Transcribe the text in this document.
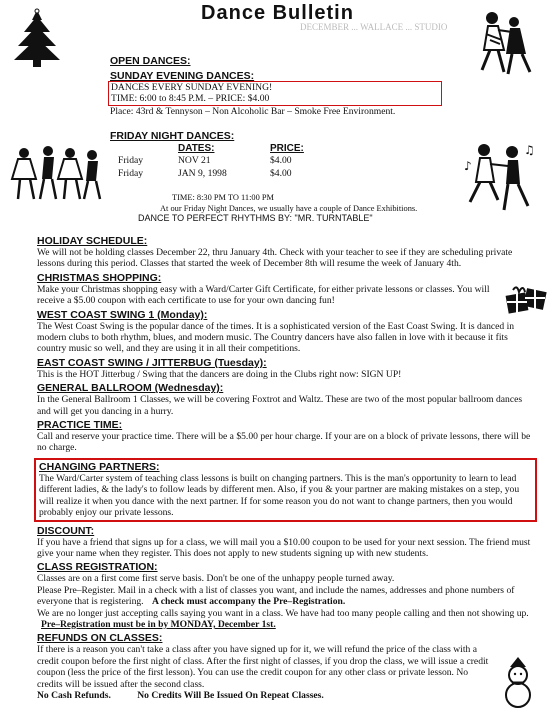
Dance Bulletin
DECEMBER ... WALLACE ... STUDIO
OPEN DANCES:
SUNDAY EVENING DANCES:
DANCES EVERY SUNDAY EVENING!
TIME: 6:00 to 8:45 P.M. – PRICE: $4.00
Place: 43rd & Tennyson – Non Alcoholic Bar – Smoke Free Environment.
FRIDAY NIGHT DANCES:
	DATES:	PRICE:
Friday	NOV 21	$4.00
Friday	JAN 9, 1998	$4.00
TIME: 8:30 PM TO 11:00 PM
At our Friday Night Dances, we usually have a couple of Dance Exhibitions.
DANCE TO PERFECT RHYTHMS BY: "MR. TURNTABLE"
♪
♫
HOLIDAY SCHEDULE:
We will not be holding classes December 22, thru January 4th. Check with your teacher to see if they are scheduling private lessons during this period. Classes that started the week of December 8th will resume the week of January 4th.
CHRISTMAS SHOPPING:
Make your Christmas shopping easy with a Ward/Carter Gift Certificate, for either private lessons or classes. You will receive a $5.00 coupon with each certificate to use for your own dancing fun!
WEST COAST SWING 1 (Monday):
The West Coast Swing is the popular dance of the times. It is a sophisticated version of the East Coast Swing. It is danced in modern clubs to both rhythm, blues, and modern music. The Country dancers have also fallen in love with it because it fits country music so well, and they are using it in all their competitions.
EAST COAST SWING / JITTERBUG (Tuesday):
This is the HOT Jitterbug / Swing that the dancers are doing in the Clubs right now: SIGN UP!
GENERAL BALLROOM (Wednesday):
In the General Ballroom 1 Classes, we will be covering Foxtrot and Waltz. These are two of the most popular ballroom dances and will get you dancing in a hurry.
PRACTICE TIME:
Call and reserve your practice time. There will be a $5.00 per hour charge. If your are on a block of private lessons, there will be no charge.
CHANGING PARTNERS:
The Ward/Carter system of teaching class lessons is built on changing partners. This is the man's opportunity to learn to lead different ladies, & the lady's to follow leads by different men. Also, if you & your partner are making mistakes on a step, you will realize it when you dance with the next partner. If for some reason you do not want to change partners, then you would probably enjoy our private lessons.
DISCOUNT:
If you have a friend that signs up for a class, we will mail you a $10.00 coupon to be used for your next session. The friend must give your name when they register. This does not apply to new students signing up with new students.
CLASS REGISTRATION:
Classes are on a first come first serve basis. Don't be one of the unhappy people turned away.
Please Pre–Register. Mail in a check with a list of classes you want, and include the names, addresses and phone numbers of everyone that is registering. A check must accompany the Pre–Registration.
We are no longer just accepting calls saying you want in a class. We have had too many people calling and then not showing up. Pre–Registration must be in by MONDAY, December 1st.
REFUNDS ON CLASSES:
If there is a reason you can't take a class after you have signed up for it, we will refund the price of the class with a credit coupon before the first night of class. After the first night of classes, if you drop the class, we will issue a credit coupon (less the price of the first lesson). You can use the credit coupon for any other class or private lesson. No credits will be issued after the second class.
No Cash Refunds.	No Credits Will Be Issued On Repeat Classes.
